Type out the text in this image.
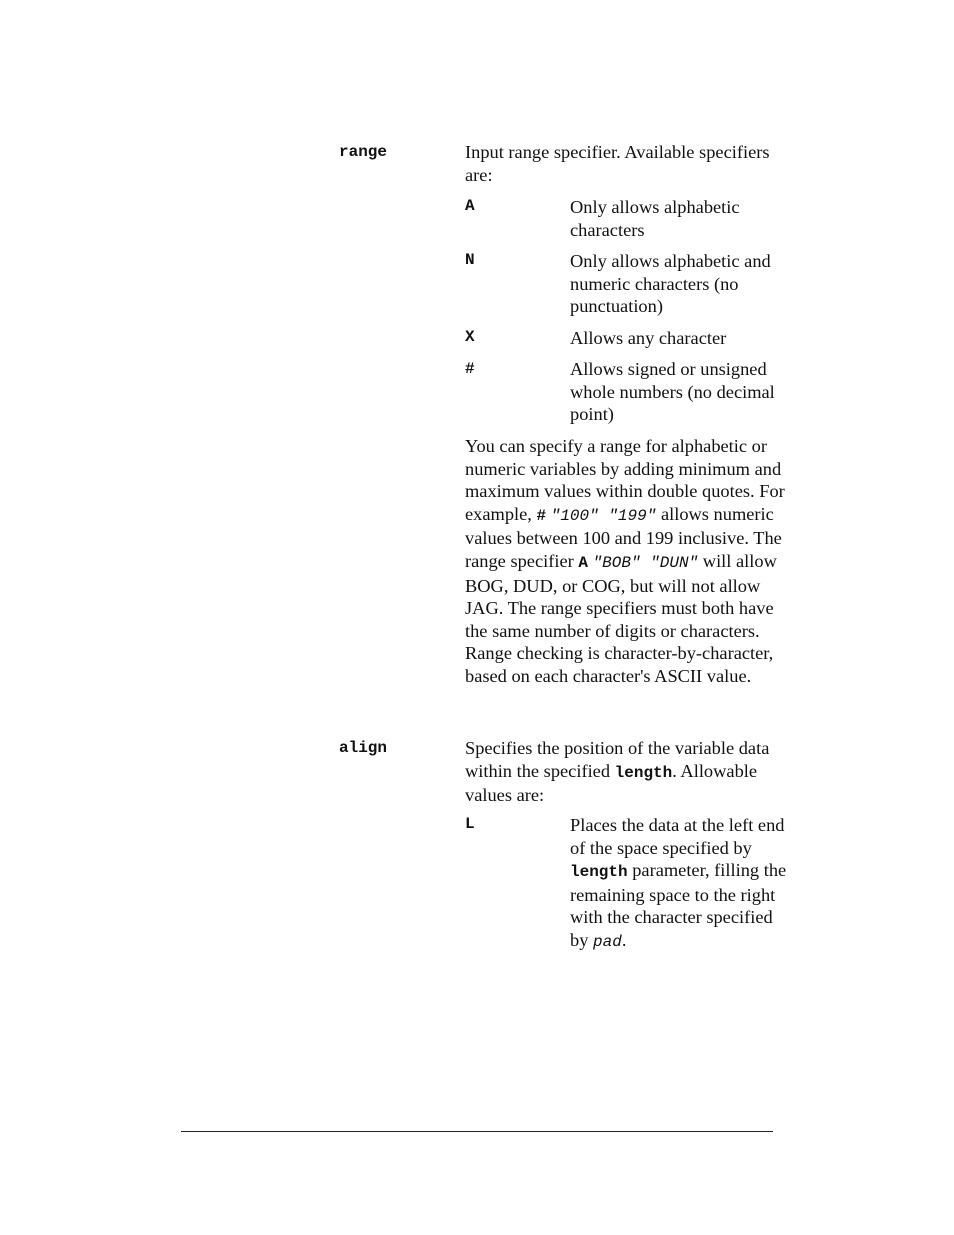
range	Input range specifier. Available specifiers are:

A	Only allows alphabetic characters

N	Only allows alphabetic and numeric characters (no punctuation)

X	Allows any character

#	Allows signed or unsigned whole numbers (no decimal point)

You can specify a range for alphabetic or numeric variables by adding minimum and maximum values within double quotes. For example, # "100" "199" allows numeric values between 100 and 199 inclusive. The range specifier A "BOB" "DUN" will allow BOG, DUD, or COG, but will not allow JAG. The range specifiers must both have the same number of digits or characters. Range checking is character-by-character, based on each character's ASCII value.

align	Specifies the position of the variable data within the specified length. Allowable values are:

L	Places the data at the left end of the space specified by length parameter, filling the remaining space to the right with the character specified by pad.
